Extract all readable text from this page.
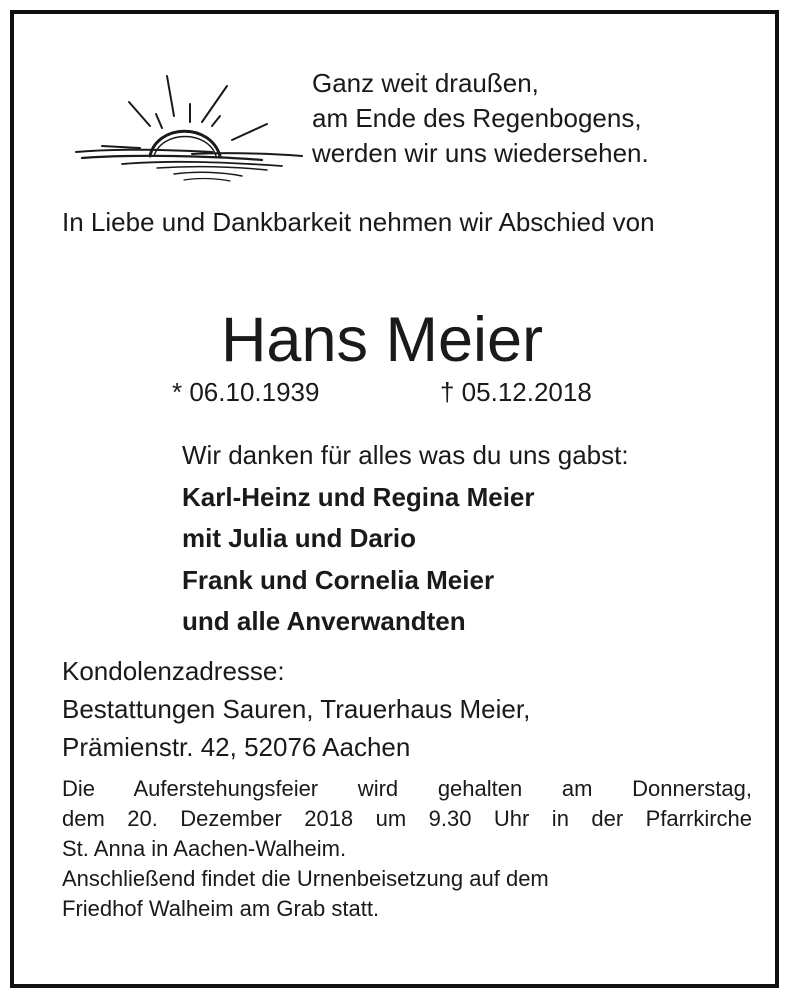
Ganz weit draußen,
am Ende des Regenbogens,
werden wir uns wiedersehen.
In Liebe und Dankbarkeit nehmen wir Abschied von
Hans Meier
* 06.10.1939	† 05.12.2018
Wir danken für alles was du uns gabst:
Karl-Heinz und Regina Meier
mit Julia und Dario
Frank und Cornelia Meier
und alle Anverwandten
Kondolenzadresse:
Bestattungen Sauren, Trauerhaus Meier,
Prämienstr. 42, 52076 Aachen
Die Auferstehungsfeier wird gehalten am Donnerstag,
dem 20. Dezember 2018 um 9.30 Uhr in der Pfarrkirche
St. Anna in Aachen-Walheim.
Anschließend findet die Urnenbeisetzung auf dem
Friedhof Walheim am Grab statt.
